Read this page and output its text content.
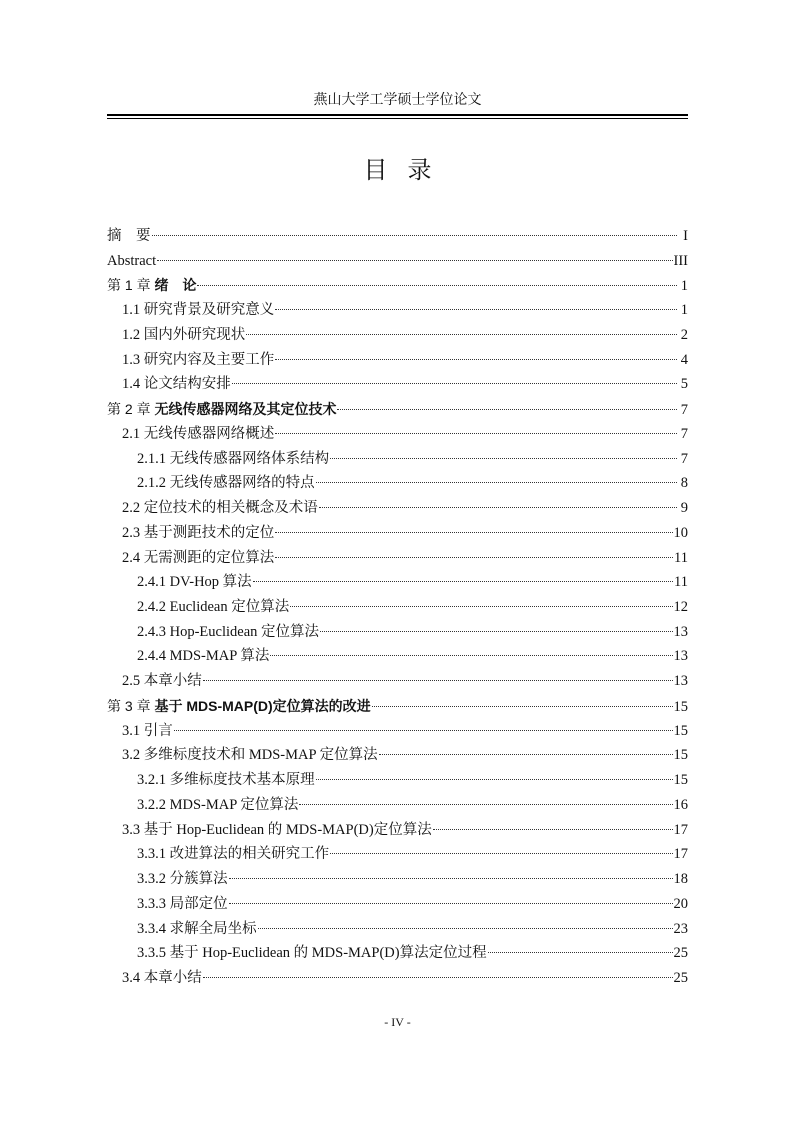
燕山大学工学硕士学位论文
目录
摘　要	I
Abstract	III
第 1 章 绪　论	1
1.1 研究背景及研究意义	1
1.2 国内外研究现状	2
1.3 研究内容及主要工作	4
1.4 论文结构安排	5
第 2 章 无线传感器网络及其定位技术	7
2.1 无线传感器网络概述	7
2.1.1 无线传感器网络体系结构	7
2.1.2 无线传感器网络的特点	8
2.2 定位技术的相关概念及术语	9
2.3 基于测距技术的定位	10
2.4 无需测距的定位算法	11
2.4.1 DV-Hop 算法	11
2.4.2 Euclidean 定位算法	12
2.4.3 Hop-Euclidean 定位算法	13
2.4.4 MDS-MAP 算法	13
2.5 本章小结	13
第 3 章 基于 MDS-MAP(D)定位算法的改进	15
3.1 引言	15
3.2 多维标度技术和 MDS-MAP 定位算法	15
3.2.1 多维标度技术基本原理	15
3.2.2 MDS-MAP 定位算法	16
3.3 基于 Hop-Euclidean 的 MDS-MAP(D)定位算法	17
3.3.1 改进算法的相关研究工作	17
3.3.2 分簇算法	18
3.3.3 局部定位	20
3.3.4 求解全局坐标	23
3.3.5 基于 Hop-Euclidean 的 MDS-MAP(D)算法定位过程	25
3.4 本章小结	25
- IV -
